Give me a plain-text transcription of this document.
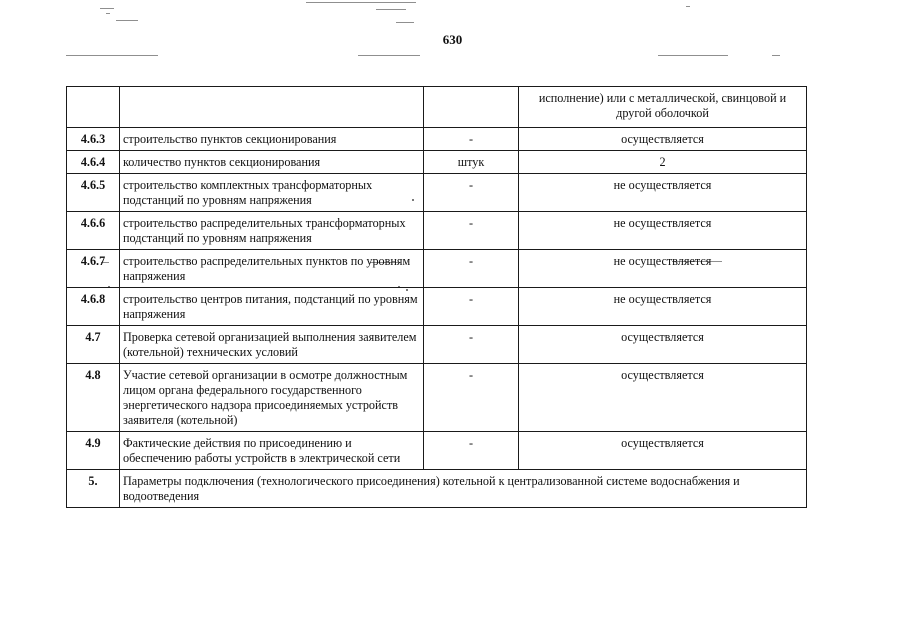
630
			исполнение) или с металлической, свинцовой и другой оболочкой
4.6.3	строительство пунктов секционирования	-	осуществляется
4.6.4	количество пунктов секционирования	штук	2
4.6.5	строительство комплектных трансформаторных подстанций по уровням напряжения	-	не осуществляется
4.6.6	строительство распределительных трансформаторных подстанций по уровням напряжения	-	не осуществляется
4.6.7	строительство распределительных пунктов по уровням напряжения	-	не осуществляется
4.6.8	строительство центров питания, подстанций по уровням напряжения	-	не осуществляется
4.7	Проверка сетевой организацией выполнения заявителем (котельной) технических условий	-	осуществляется
4.8	Участие сетевой организации в осмотре должностным лицом органа федерального государственного энергетического надзора присоединяемых устройств заявителя (котельной)	-	осуществляется
4.9	Фактические действия по присоединению и обеспечению работы устройств в электрической сети	-	осуществляется
5.	Параметры подключения (технологического присоединения) котельной к централизованной системе водоснабжения и водоотведения		
